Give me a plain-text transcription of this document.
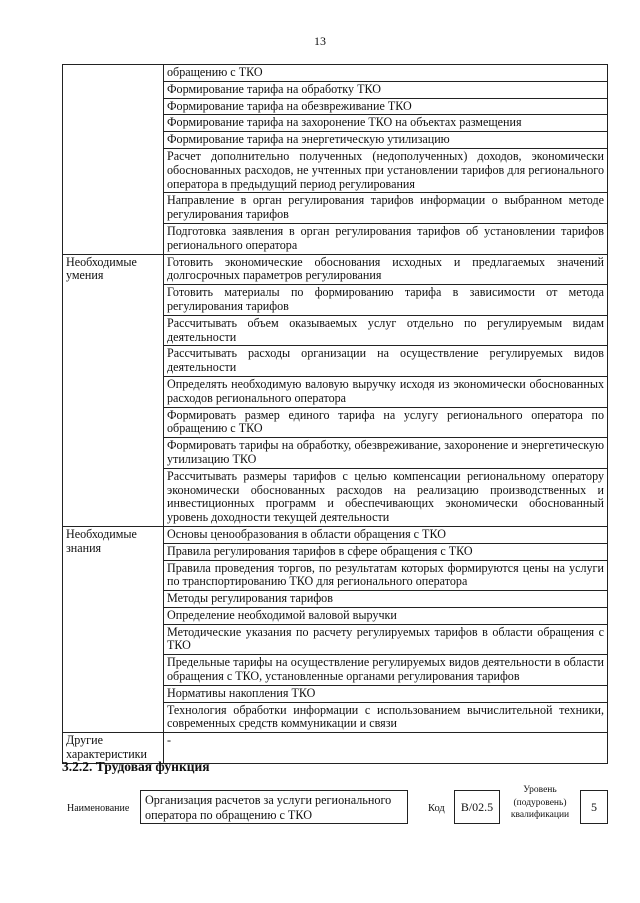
13
	обращению с ТКО
	Формирование тарифа на обработку ТКО
	Формирование тарифа на обезвреживание ТКО
	Формирование тарифа на захоронение ТКО на объектах размещения
	Формирование тарифа на энергетическую утилизацию
	Расчет дополнительно полученных (недополученных) доходов, экономически обоснованных расходов, не учтенных при установлении тарифов для регионального оператора в предыдущий период регулирования
	Направление в орган регулирования тарифов информации о выбранном методе регулирования тарифов
	Подготовка заявления в орган регулирования тарифов об установлении тарифов регионального оператора
Необходимые умения	Готовить экономические обоснования исходных и предлагаемых значений долгосрочных параметров регулирования
	Готовить материалы по формированию тарифа в зависимости от метода регулирования тарифов
	Рассчитывать объем оказываемых услуг отдельно по регулируемым видам деятельности
	Рассчитывать расходы организации на осуществление регулируемых видов деятельности
	Определять необходимую валовую выручку исходя из экономически обоснованных расходов регионального оператора
	Формировать размер единого тарифа на услугу регионального оператора по обращению с ТКО
	Формировать тарифы на обработку, обезвреживание, захоронение и энергетическую утилизацию ТКО
	Рассчитывать размеры тарифов с целью компенсации региональному оператору экономически обоснованных расходов на реализацию производственных и инвестиционных программ и обеспечивающих экономически обоснованный уровень доходности текущей деятельности
Необходимые знания	Основы ценообразования в области обращения с ТКО
	Правила регулирования тарифов в сфере обращения с ТКО
	Правила проведения торгов, по результатам которых формируются цены на услуги по транспортированию ТКО для регионального оператора
	Методы регулирования тарифов
	Определение необходимой валовой выручки
	Методические указания по расчету регулируемых тарифов в области обращения с ТКО
	Предельные тарифы на осуществление регулируемых видов деятельности в области обращения с ТКО, установленные органами регулирования тарифов
	Нормативы накопления ТКО
	Технология обработки информации с использованием вычислительной техники, современных средств коммуникации и связи
Другие характеристики	-
3.2.2. Трудовая функция
Наименование
Организация расчетов за услуги регионального оператора по обращению с ТКО	Код	B/02.5
Уровень
(подуровень)
квалификации
5
